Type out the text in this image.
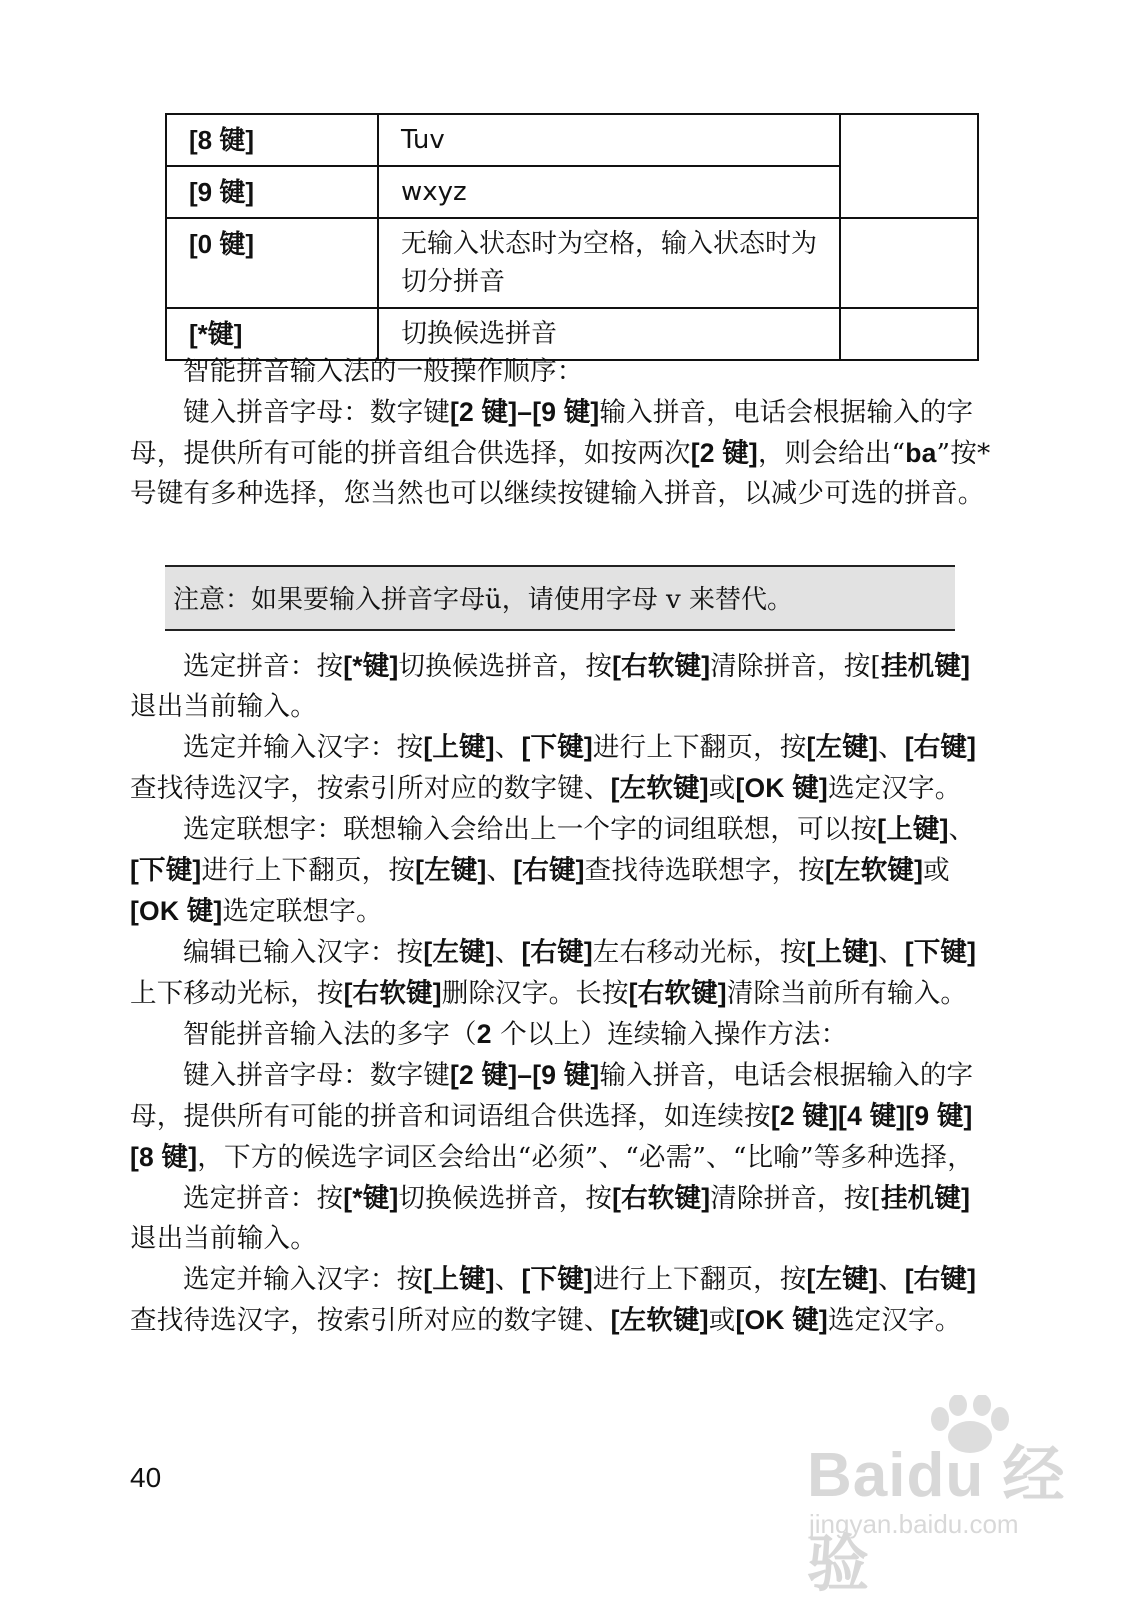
[8 键]	Tuv	
[9 键]	wxyz	
[0 键]	无输入状态时为空格，输入状态时为切分拼音	
[*键]	切换候选拼音	

智能拼音输入法的一般操作顺序：

键入拼音字母：数字键[2 键]–[9 键]输入拼音，电话会根据输入的字母，提供所有可能的拼音组合供选择，如按两次[2 键]，则会给出“ba”按*号键有多种选择，您当然也可以继续按键输入拼音，以减少可选的拼音。

注意：如果要输入拼音字母ü，请使用字母 v 来替代。

选定拼音：按[*键]切换候选拼音，按[右软键]清除拼音，按[挂机键]退出当前输入。

选定并输入汉字：按[上键]、[下键]进行上下翻页，按[左键]、[右键]查找待选汉字，按索引所对应的数字键、[左软键]或[OK 键]选定汉字。

选定联想字：联想输入会给出上一个字的词组联想，可以按[上键]、[下键]进行上下翻页，按[左键]、[右键]查找待选联想字，按[左软键]或[OK 键]选定联想字。

编辑已输入汉字：按[左键]、[右键]左右移动光标，按[上键]、[下键]上下移动光标，按[右软键]删除汉字。长按[右软键]清除当前所有输入。

智能拼音输入法的多字（2 个以上）连续输入操作方法：

键入拼音字母：数字键[2 键]–[9 键]输入拼音，电话会根据输入的字母，提供所有可能的拼音和词语组合供选择，如连续按[2 键][4 键][9 键][8 键]，下方的候选字词区会给出“必须”、“必需”、“比喻”等多种选择，

选定拼音：按[*键]切换候选拼音，按[右软键]清除拼音，按[挂机键]退出当前输入。

选定并输入汉字：按[上键]、[下键]进行上下翻页，按[左键]、[右键]查找待选汉字，按索引所对应的数字键、[左软键]或[OK 键]选定汉字。

40	Baidu 经验
jingyan.baidu.com
